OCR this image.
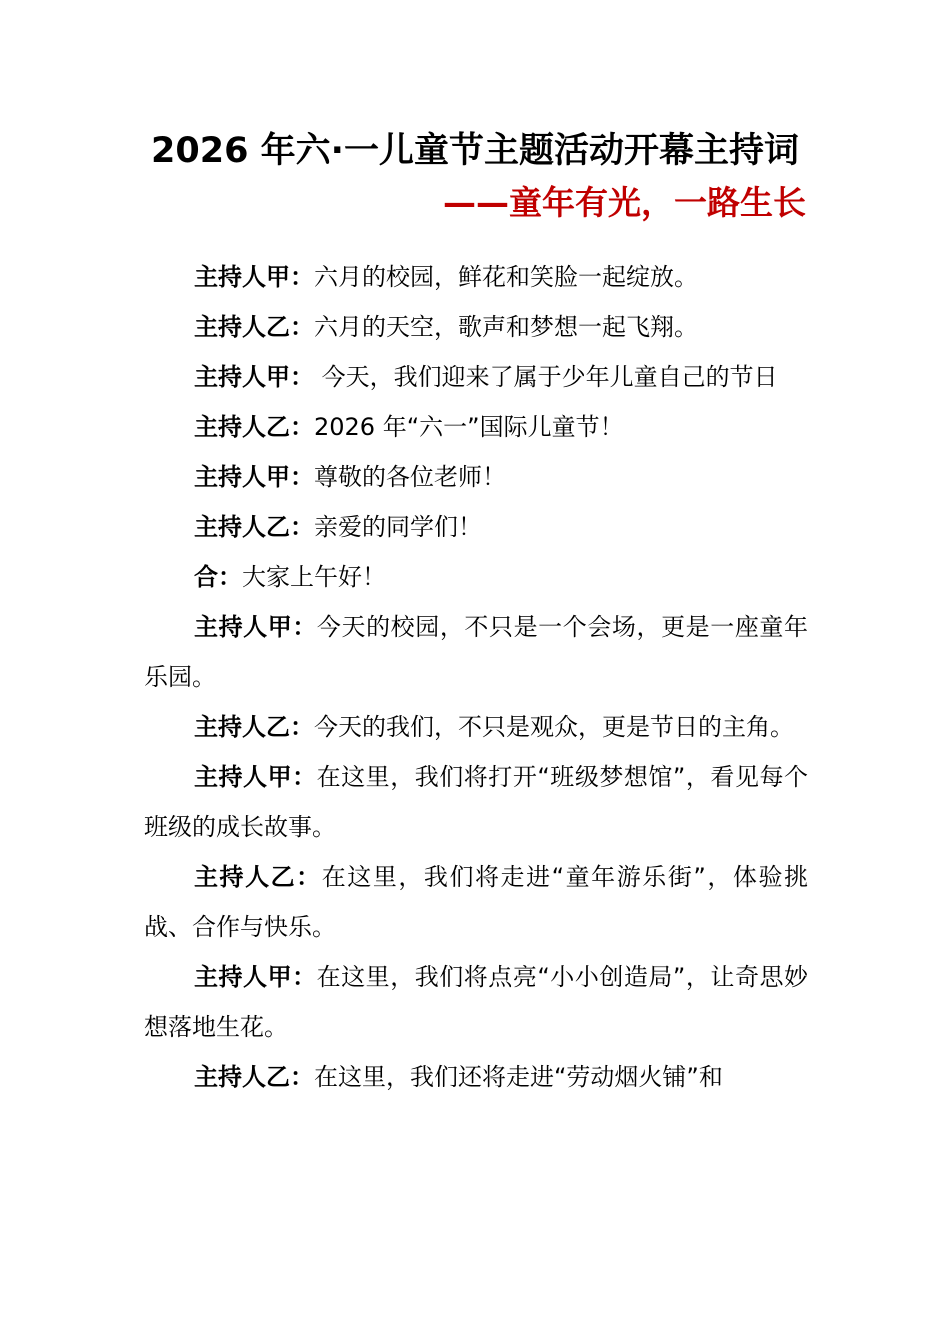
2026 年六·一儿童节主题活动开幕主持词
——童年有光，一路生长

主持人甲：六月的校园，鲜花和笑脸一起绽放。

主持人乙：六月的天空，歌声和梦想一起飞翔。

主持人甲： 今天，我们迎来了属于少年儿童自己的节日

主持人乙：2026 年“六一”国际儿童节！

主持人甲：尊敬的各位老师！

主持人乙：亲爱的同学们！

合：大家上午好！

主持人甲：今天的校园，不只是一个会场，更是一座童年乐园。

主持人乙：今天的我们，不只是观众，更是节日的主角。

主持人甲：在这里，我们将打开“班级梦想馆”，看见每个班级的成长故事。

主持人乙：在这里，我们将走进“童年游乐街”，体验挑战、合作与快乐。

主持人甲：在这里，我们将点亮“小小创造局”，让奇思妙想落地生花。

主持人乙：在这里，我们还将走进“劳动烟火铺”和
